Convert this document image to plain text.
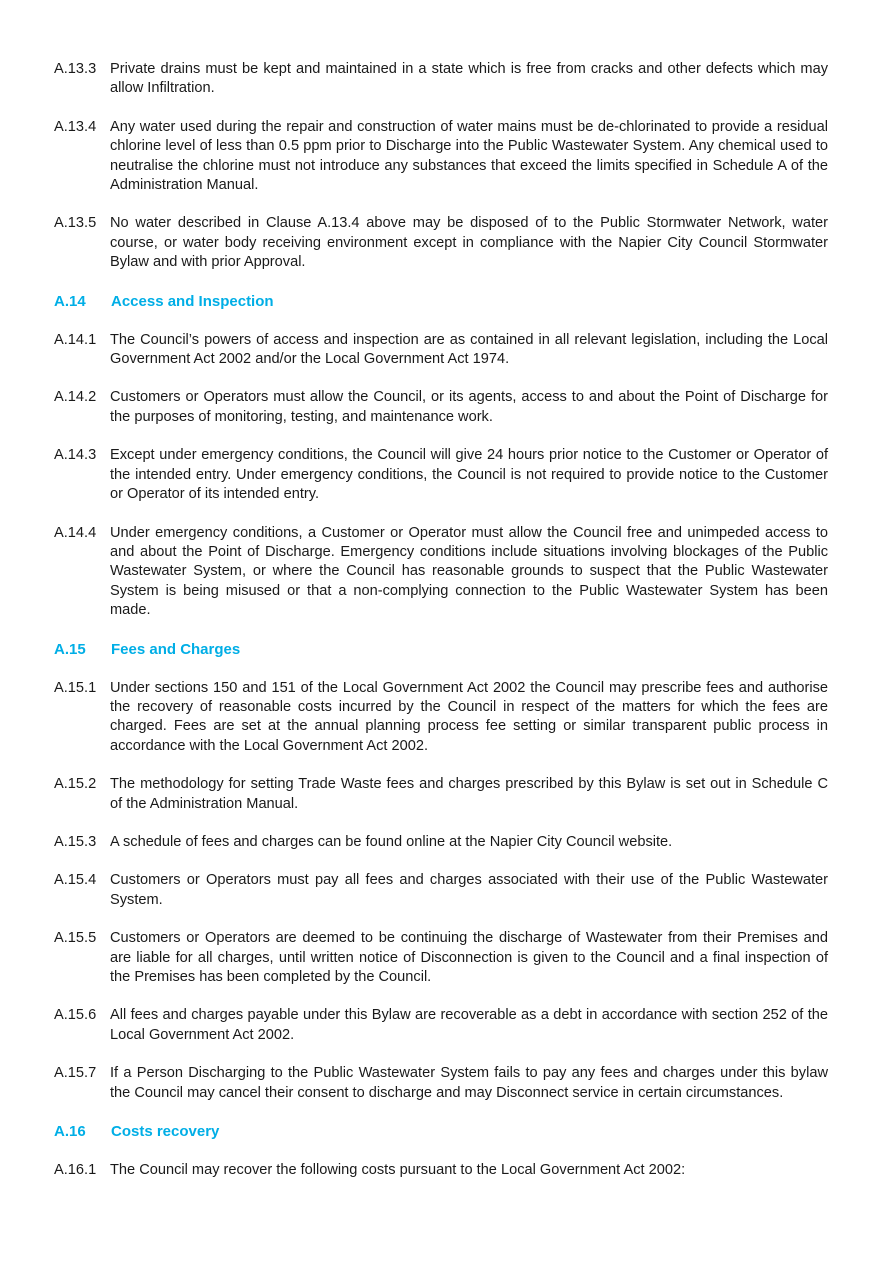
A.13.3 Private drains must be kept and maintained in a state which is free from cracks and other defects which may allow Infiltration.
A.13.4 Any water used during the repair and construction of water mains must be de-chlorinated to provide a residual chlorine level of less than 0.5 ppm prior to Discharge into the Public Wastewater System. Any chemical used to neutralise the chlorine must not introduce any substances that exceed the limits specified in Schedule A of the Administration Manual.
A.13.5 No water described in Clause A.13.4 above may be disposed of to the Public Stormwater Network, water course, or water body receiving environment except in compliance with the Napier City Council Stormwater Bylaw and with prior Approval.
A.14	Access and Inspection
A.14.1 The Council’s powers of access and inspection are as contained in all relevant legislation, including the Local Government Act 2002 and/or the Local Government Act 1974.
A.14.2 Customers or Operators must allow the Council, or its agents, access to and about the Point of Discharge for the purposes of monitoring, testing, and maintenance work.
A.14.3 Except under emergency conditions, the Council will give 24 hours prior notice to the Customer or Operator of the intended entry. Under emergency conditions, the Council is not required to provide notice to the Customer or Operator of its intended entry.
A.14.4 Under emergency conditions, a Customer or Operator must allow the Council free and unimpeded access to and about the Point of Discharge. Emergency conditions include situations involving blockages of the Public Wastewater System, or where the Council has reasonable grounds to suspect that the Public Wastewater System is being misused or that a non-complying connection to the Public Wastewater System has been made.
A.15	Fees and Charges
A.15.1 Under sections 150 and 151 of the Local Government Act 2002 the Council may prescribe fees and authorise the recovery of reasonable costs incurred by the Council in respect of the matters for which the fees are charged. Fees are set at the annual planning process fee setting or similar transparent public process in accordance with the Local Government Act 2002.
A.15.2 The methodology for setting Trade Waste fees and charges prescribed by this Bylaw is set out in Schedule C of the Administration Manual.
A.15.3 A schedule of fees and charges can be found online at the Napier City Council website.
A.15.4 Customers or Operators must pay all fees and charges associated with their use of the Public Wastewater System.
A.15.5 Customers or Operators are deemed to be continuing the discharge of Wastewater from their Premises and are liable for all charges, until written notice of Disconnection is given to the Council and a final inspection of the Premises has been completed by the Council.
A.15.6 All fees and charges payable under this Bylaw are recoverable as a debt in accordance with section 252 of the Local Government Act 2002.
A.15.7 If a Person Discharging to the Public Wastewater System fails to pay any fees and charges under this bylaw the Council may cancel their consent to discharge and may Disconnect service in certain circumstances.
A.16	Costs recovery
A.16.1 The Council may recover the following costs pursuant to the Local Government Act 2002:
